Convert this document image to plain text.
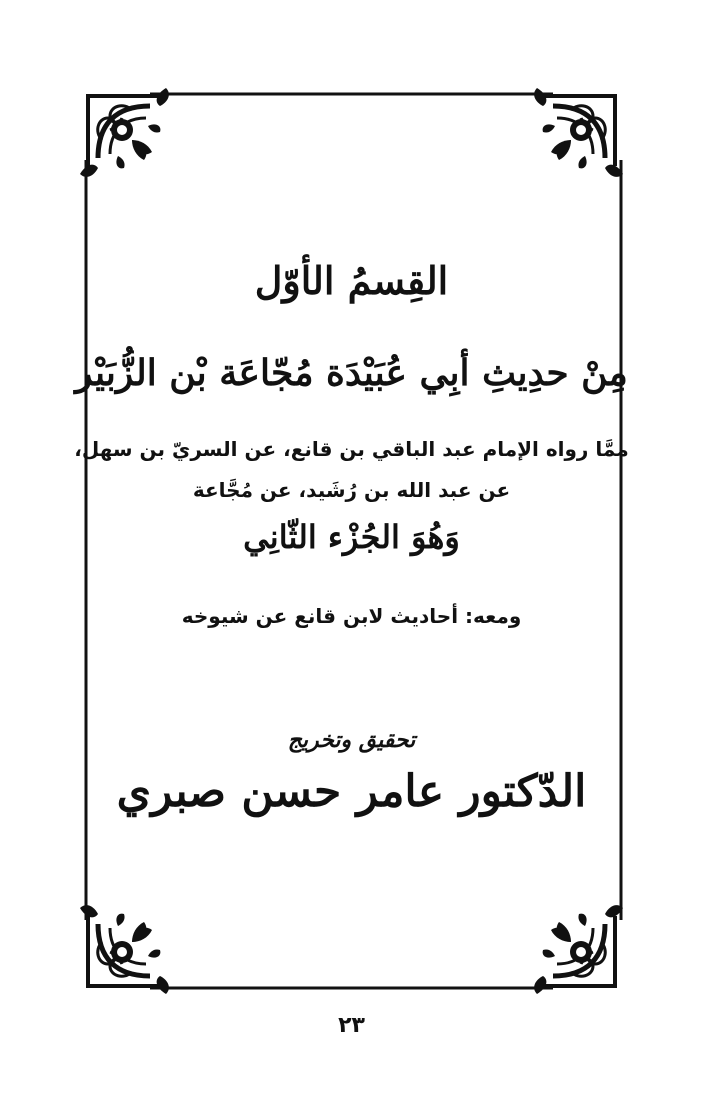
القِسمُ الأوّل
مِنْ حدِيثِ أبِي عُبَيْدَة مُجّاعَة بْن الزُّبَيْر
ممَّا رواه الإمام عبد الباقي بن قانع، عن السريّ بن سهل،
عن عبد الله بن رُشَيد، عن مُجَّاعة
وَهُوَ الجُزْء الثّانِي
ومعه: أحاديث لابن قانع عن شيوخه
تحقيق وتخريج
الدّكتور عامر حسن صبري
٢٣
